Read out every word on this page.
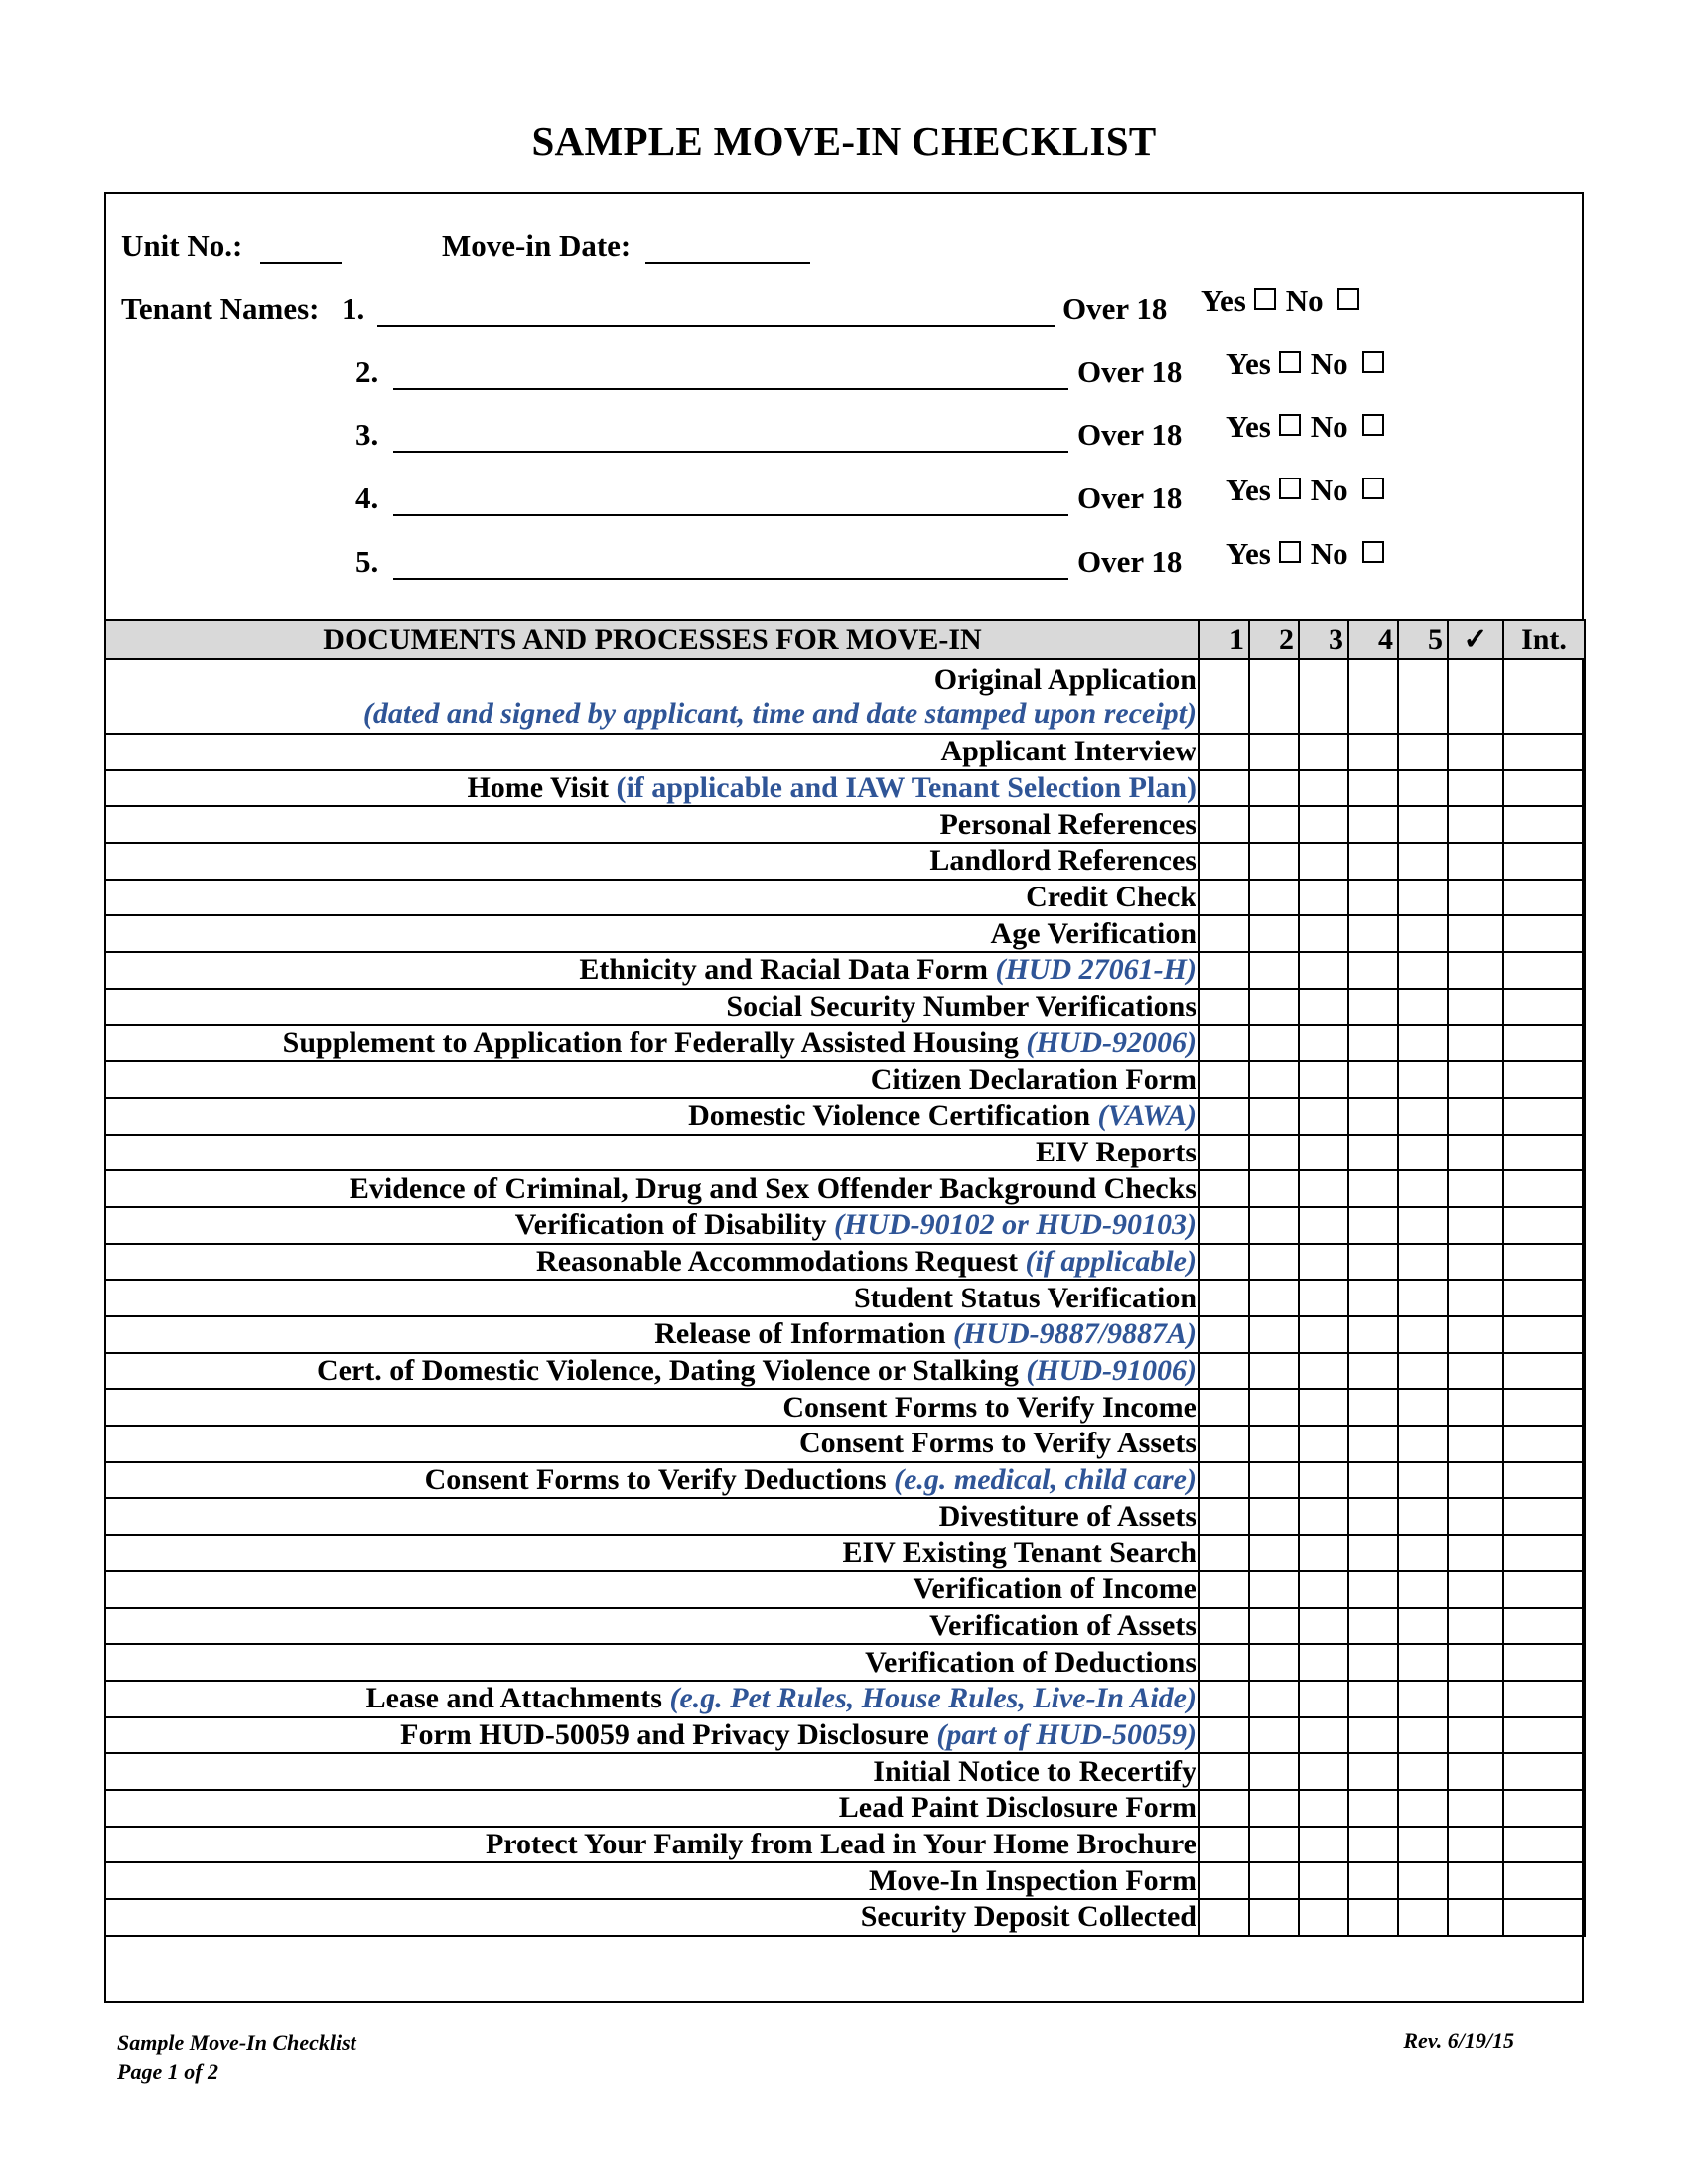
SAMPLE MOVE-IN CHECKLIST
Unit No.:	Move-in Date:
Tenant Names: 1.	Over 18 Yes No
2.	Over 18 Yes No
3.	Over 18 Yes No
4.	Over 18 Yes No
5.	Over 18 Yes No
DOCUMENTS AND PROCESSES FOR MOVE-IN	1	2	3	4	5	✓	Int.
Original Application
(dated and signed by applicant, time and date stamped upon receipt)							
Applicant Interview							
Home Visit (if applicable and IAW Tenant Selection Plan)							
Personal References							
Landlord References							
Credit Check							
Age Verification							
Ethnicity and Racial Data Form (HUD 27061-H)							
Social Security Number Verifications							
Supplement to Application for Federally Assisted Housing (HUD-92006)							
Citizen Declaration Form							
Domestic Violence Certification (VAWA)							
EIV Reports							
Evidence of Criminal, Drug and Sex Offender Background Checks							
Verification of Disability (HUD-90102 or HUD-90103)							
Reasonable Accommodations Request (if applicable)							
Student Status Verification							
Release of Information (HUD-9887/9887A)							
Cert. of Domestic Violence, Dating Violence or Stalking (HUD-91006)							
Consent Forms to Verify Income							
Consent Forms to Verify Assets							
Consent Forms to Verify Deductions (e.g. medical, child care)							
Divestiture of Assets							
EIV Existing Tenant Search							
Verification of Income							
Verification of Assets							
Verification of Deductions							
Lease and Attachments (e.g. Pet Rules, House Rules, Live-In Aide)							
Form HUD-50059 and Privacy Disclosure (part of HUD-50059)							
Initial Notice to Recertify							
Lead Paint Disclosure Form							
Protect Your Family from Lead in Your Home Brochure							
Move-In Inspection Form							
Security Deposit Collected							
Sample Move-In Checklist
Page 1 of 2
Rev. 6/19/15
